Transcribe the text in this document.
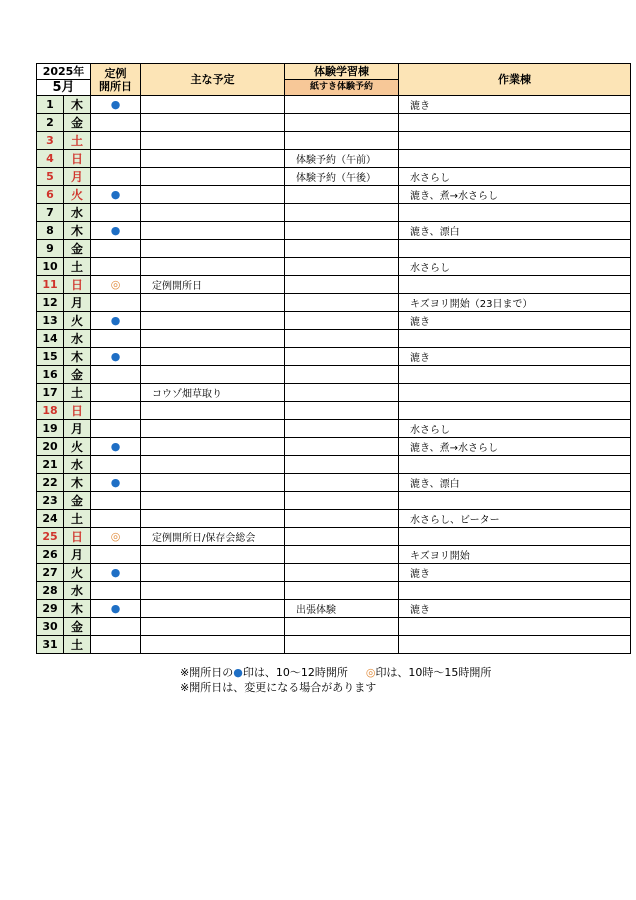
2025年		定例
開所日	主な予定	体験学習棟	作業棟
5月				紙すき体験予約	
1	木	●			漉き
2	金				
3	土				
4	日			体験予約（午前）	
5	月			体験予約（午後）	水さらし
6	火	●			漉き、煮→水さらし
7	水				
8	木	●			漉き、漂白
9	金				
10	土				水さらし
11	日	◎	定例開所日		
12	月				キズヨリ開始（23日まで）
13	火	●			漉き
14	水				
15	木	●			漉き
16	金				
17	土		コウゾ畑草取り		
18	日				
19	月				水さらし
20	火	●			漉き、煮→水さらし
21	水				
22	木	●			漉き、漂白
23	金				
24	土				水さらし、ビーター
25	日	◎	定例開所日/保存会総会		
26	月				キズヨリ開始
27	火	●			漉き
28	水				
29	木	●		出張体験	漉き
30	金				
31	土				
※開所日の●印は、10～12時開所 ◎印は、10時～15時開所
※開所日は、変更になる場合があります
